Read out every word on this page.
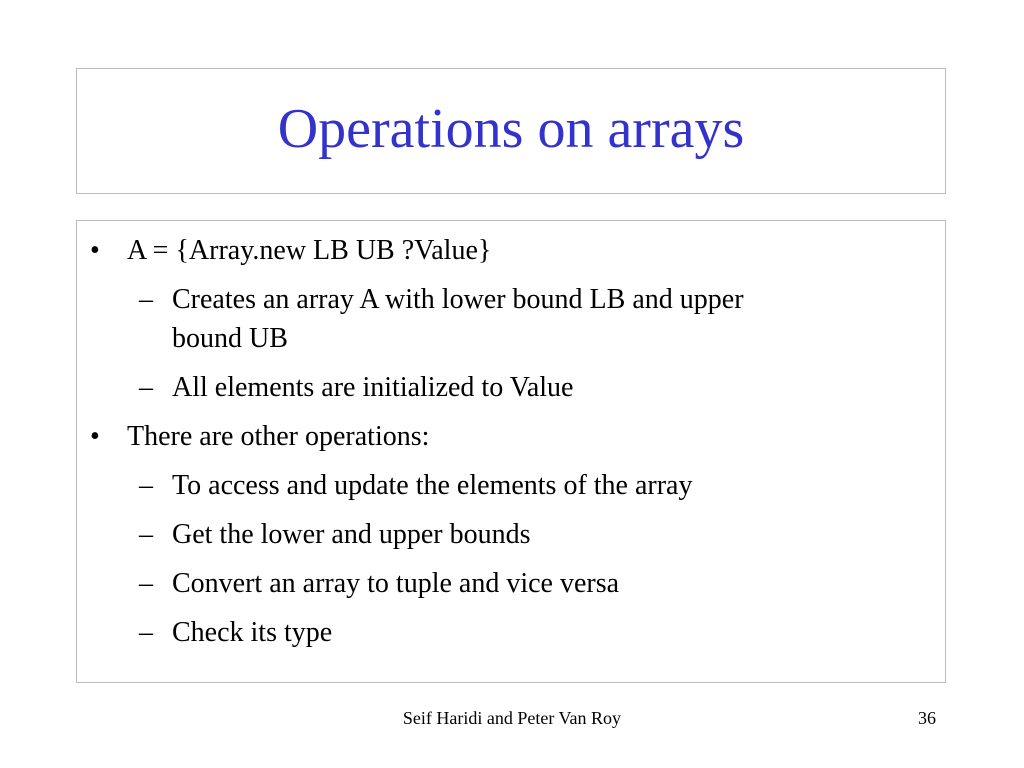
Operations on arrays
• A = {Array.new LB UB ?Value}
– Creates an array A with lower bound LB and upper bound UB
– All elements are initialized to Value
• There are other operations:
– To access and update the elements of the array
– Get the lower and upper bounds
– Convert an array to tuple and vice versa
– Check its type
Seif Haridi and Peter Van Roy	36
